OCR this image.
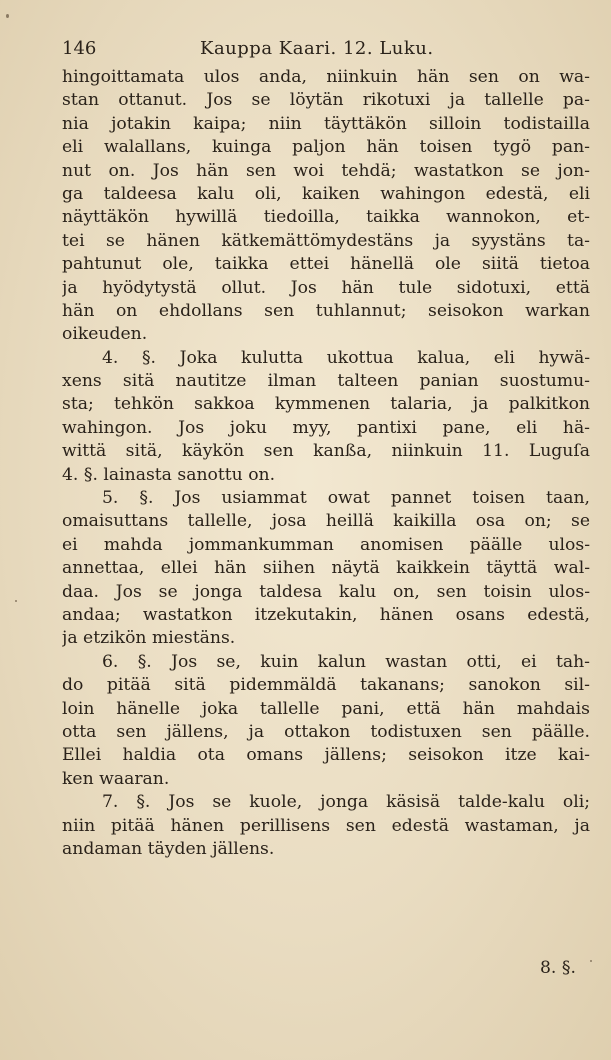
146	Kauppa Kaari. 12. Luku.
hingoittamata ulos anda, niinkuin hän sen on wa-
stan ottanut. Jos se löytän rikotuxi ja tallelle pa-
nia jotakin kaipa; niin täyttäkön silloin todistailla
eli walallans, kuinga paljon hän toisen tygö pan-
nut on. Jos hän sen woi tehdä; wastatkon se jon-
ga taldeesa kalu oli, kaiken wahingon edestä, eli
näyttäkön hywillä tiedoilla, taikka wannokon, et-
tei se hänen kätkemättömydestäns ja syystäns ta-
pahtunut ole, taikka ettei hänellä ole siitä tietoa
ja hyödytystä ollut. Jos hän tule sidotuxi, että
hän on ehdollans sen tuhlannut; seisokon warkan
oikeuden.
4. §. Joka kulutta ukottua kalua, eli hywä-
xens sitä nautitze ilman talteen panian suostumu-
sta; tehkön sakkoa kymmenen talaria, ja palkitkon
wahingon. Jos joku myy, pantixi pane, eli hä-
wittä sitä, käykön sen kanßa, niinkuin 11. Luguſa
4. §. lainasta sanottu on.
5. §. Jos usiammat owat pannet toisen taan,
omaisuttans tallelle, josa heillä kaikilla osa on; se
ei mahda jommankumman anomisen päälle ulos-
annettaa, ellei hän siihen näytä kaikkein täyttä wal-
daa. Jos se jonga taldesa kalu on, sen toisin ulos-
andaa; wastatkon itzekutakin, hänen osans edestä,
ja etzikön miestäns.
6. §. Jos se, kuin kalun wastan otti, ei tah-
do pitää sitä pidemmäldä takanans; sanokon sil-
loin hänelle joka tallelle pani, että hän mahdais
otta sen jällens, ja ottakon todistuxen sen päälle.
Ellei haldia ota omans jällens; seisokon itze kai-
ken waaran.
7. §. Jos se kuole, jonga käsisä talde-kalu oli;
niin pitää hänen perillisens sen edestä wastaman, ja
andaman täyden jällens.
8. §.
